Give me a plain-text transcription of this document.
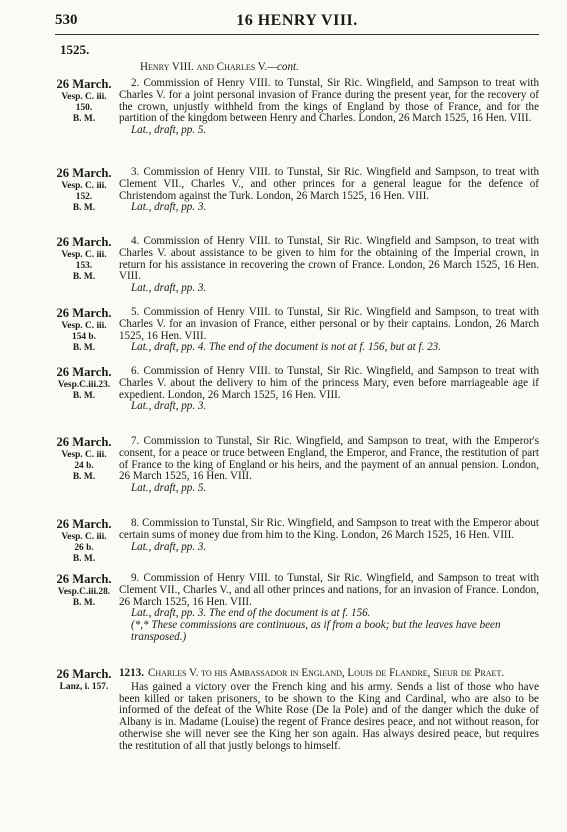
530	16 HENRY VIII.
1525.
Henry VIII. and Charles V.—cont.
26 March.
Vesp. C. iii.
150.
B. M.

2. Commission of Henry VIII. to Tunstal, Sir Ric. Wingfield, and Sampson to treat with Charles V. for a joint personal invasion of France during the present year, for the recovery of the crown, unjustly withheld from the kings of England by those of France, and for the partition of the kingdom between Henry and Charles. London, 26 March 1525, 16 Hen. VIII.

Lat., draft, pp. 5.

26 March.
Vesp. C. iii.
152.
B. M.

3. Commission of Henry VIII. to Tunstal, Sir Ric. Wingfield and Sampson, to treat with Clement VII., Charles V., and other princes for a general league for the defence of Christendom against the Turk. London, 26 March 1525, 16 Hen. VIII.

Lat., draft, pp. 3.

26 March.
Vesp. C. iii.
153.
B. M.

4. Commission of Henry VIII. to Tunstal, Sir Ric. Wingfield and Sampson, to treat with Charles V. about assistance to be given to him for the obtaining of the Imperial crown, in return for his assistance in recovering the crown of France. London, 26 March 1525, 16 Hen. VIII.

Lat., draft, pp. 3.

26 March.
Vesp. C. iii.
154 b.
B. M.

5. Commission of Henry VIII. to Tunstal, Sir Ric. Wingfield and Sampson, to treat with Charles V. for an invasion of France, either personal or by their captains. London, 26 March 1525, 16 Hen. VIII.

Lat., draft, pp. 4. The end of the document is not at f. 156, but at f. 23.

26 March.
Vesp.C.iii.23.
B. M.

6. Commission of Henry VIII. to Tunstal, Sir Ric. Wingfield, and Sampson to treat with Charles V. about the delivery to him of the princess Mary, even before marriageable age if expedient. London, 26 March 1525, 16 Hen. VIII.

Lat., draft, pp. 3.

26 March.
Vesp. C. iii.
24 b.
B. M.

7. Commission to Tunstal, Sir Ric. Wingfield, and Sampson to treat, with the Emperor's consent, for a peace or truce between England, the Emperor, and France, the restitution of part of France to the king of England or his heirs, and the payment of an annual pension. London, 26 March 1525, 16 Hen. VIII.

Lat., draft, pp. 5.

26 March.
Vesp. C. iii.
26 b.
B. M.

8. Commission to Tunstal, Sir Ric. Wingfield, and Sampson to treat with the Emperor about certain sums of money due from him to the King. London, 26 March 1525, 16 Hen. VIII.

Lat., draft, pp. 3.

26 March.
Vesp.C.iii.28.
B. M.

9. Commission of Henry VIII. to Tunstal, Sir Ric. Wingfield, and Sampson to treat with Clement VII., Charles V., and all other princes and nations, for an invasion of France. London, 26 March 1525, 16 Hen. VIII.

Lat., draft, pp. 3. The end of the document is at f. 156.

(*,* These commissions are continuous, as if from a book; but the leaves have been transposed.)

26 March.
Lanz, i. 157.

1213. Charles V. to his Ambassador in England, Louis de Flandre, Sieur de Praet.

Has gained a victory over the French king and his army. Sends a list of those who have been killed or taken prisoners, to be shown to the King and Cardinal, who are also to be informed of the defeat of the White Rose (De la Pole) and of the danger which the duke of Albany is in. Madame (Louise) the regent of France desires peace, and not without reason, for otherwise she will never see the King her son again. Has always desired peace, but requires the restitution of all that justly belongs to himself.
